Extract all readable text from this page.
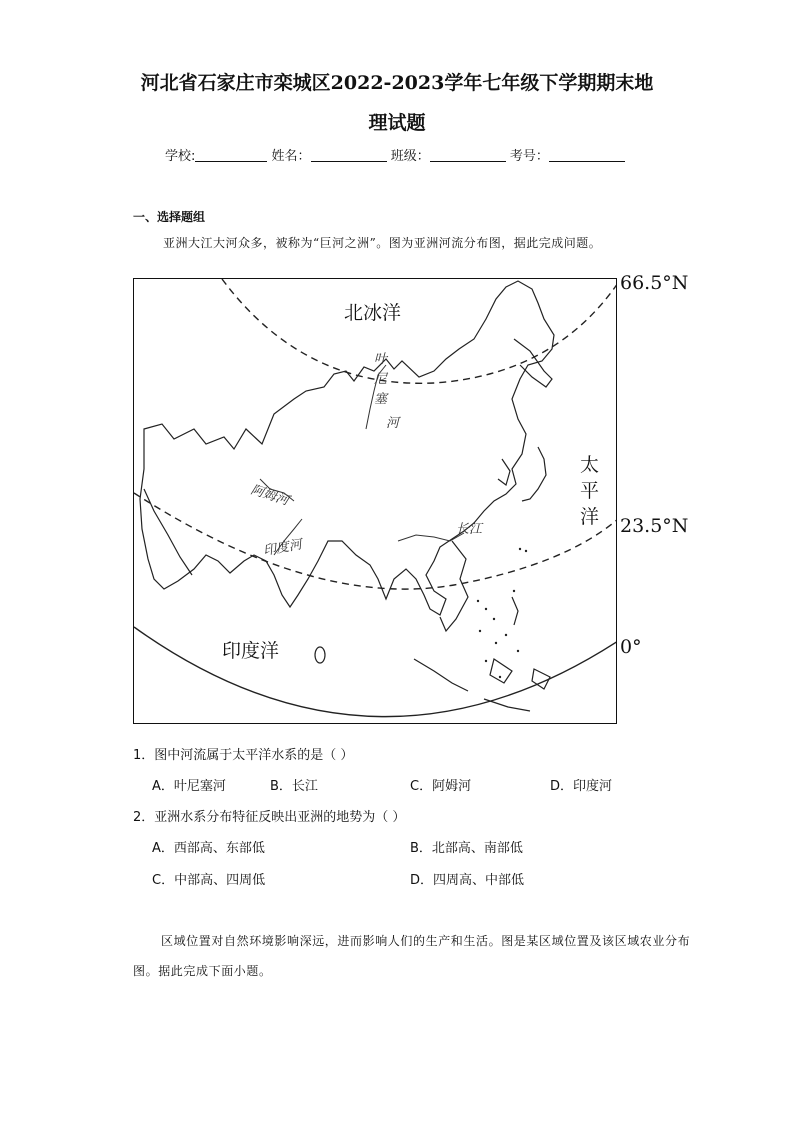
河北省石家庄市栾城区2022-2023学年七年级下学期期末地
理试题
学校:	姓名：	班级：	考号：
一、选择题组
亚洲大江大河众多，被称为“巨河之洲”。图为亚洲河流分布图，据此完成问题。
北冰洋
太
平
洋
印度洋
叶
尼
塞
河
阿姆河
印度河
长江
66.5°N
23.5°N
0°
1．图中河流属于太平洋水系的是（ ）
A．叶尼塞河	B．长江	C．阿姆河	D．印度河
2．亚洲水系分布特征反映出亚洲的地势为（ ）
A．西部高、东部低	B．北部高、南部低
C．中部高、四周低	D．四周高、中部低
区域位置对自然环境影响深远，进而影响人们的生产和生活。图是某区域位置及该区域农业分布图。据此完成下面小题。
